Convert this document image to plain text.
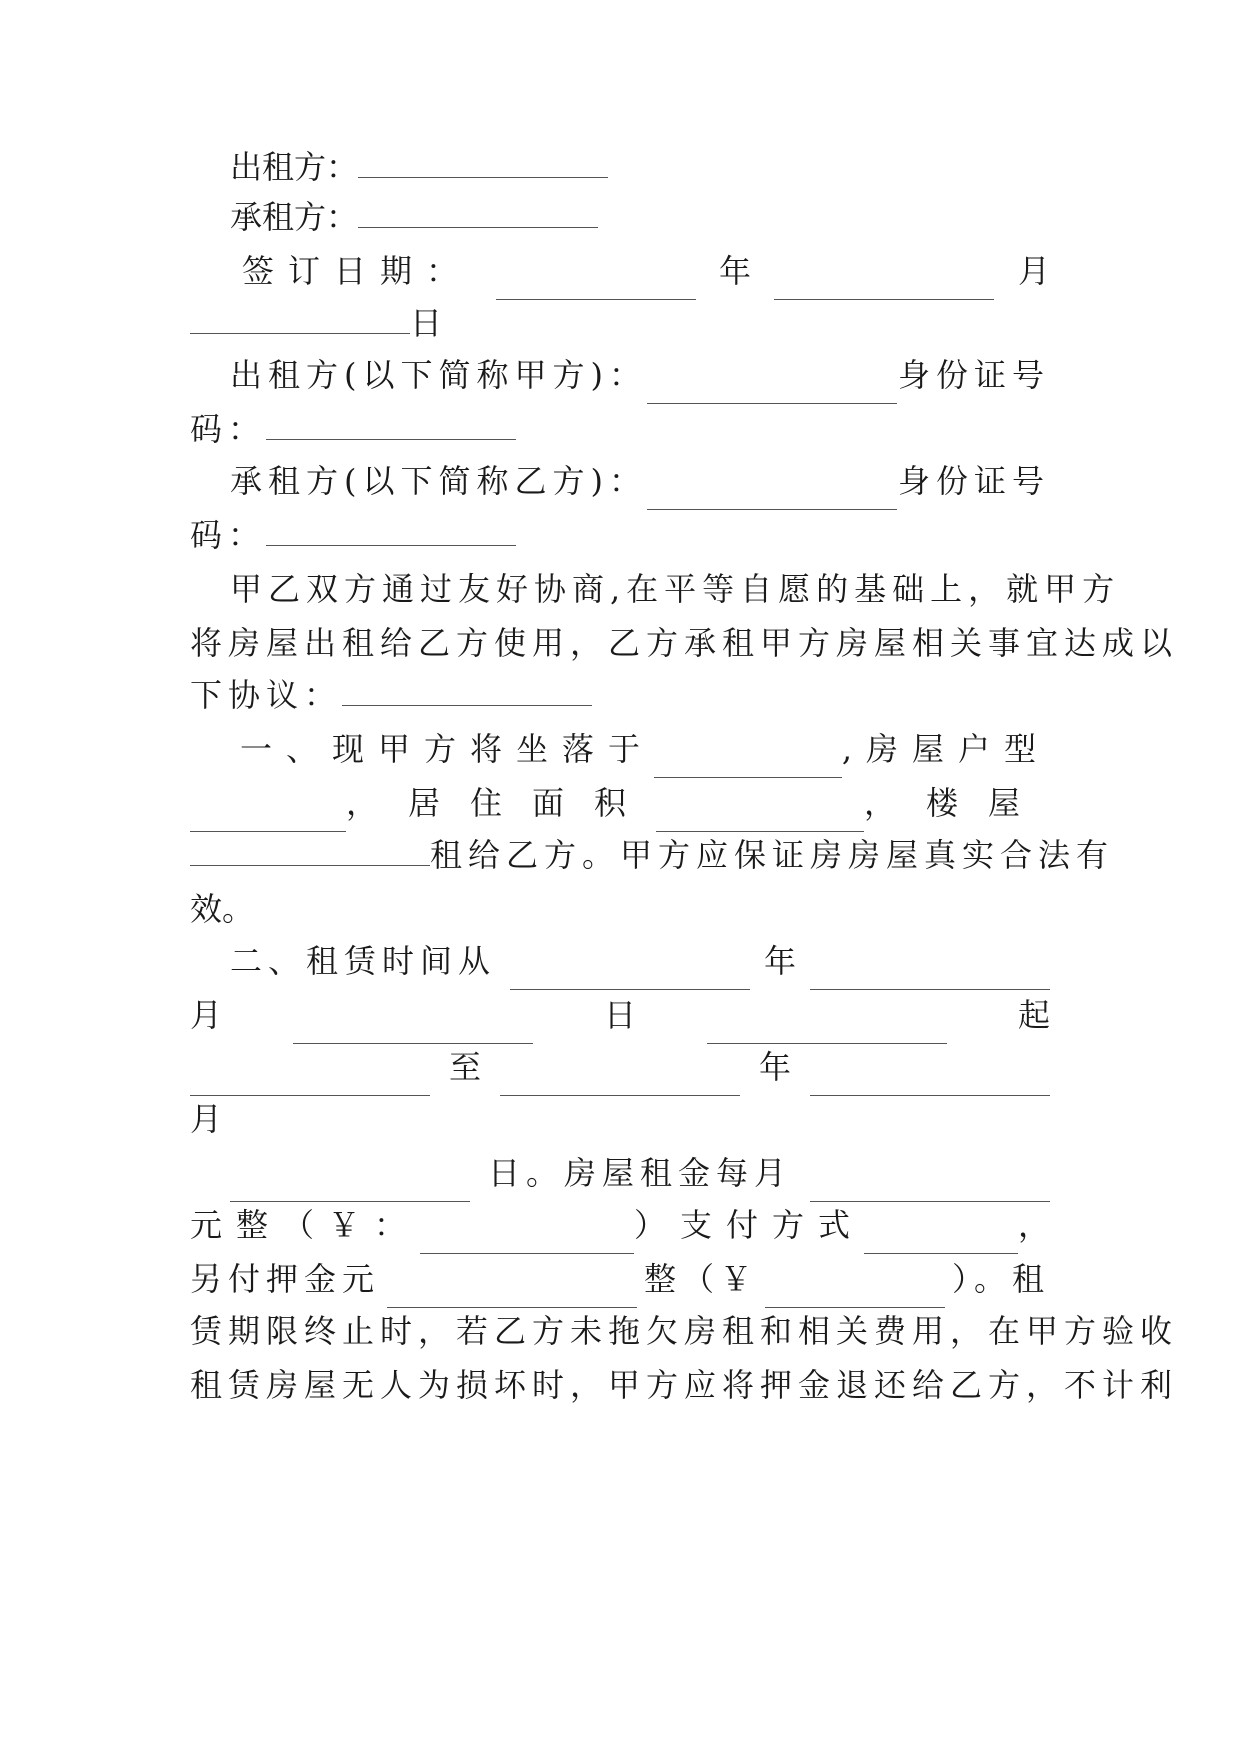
出租方：
承租方：
签订日期：	年	月
日
出租方(以下简称甲方)：	身份证号
码：
承租方(以下简称乙方)：	身份证号
码：
甲乙双方通过友好协商,在平等自愿的基础上，就甲方
将房屋出租给乙方使用，乙方承租甲方房屋相关事宜达成以
下协议：
一、现甲方将坐落于	,房屋户型
，居住面积	，楼屋
租给乙方。甲方应保证房房屋真实合法有
效。
二、租赁时间从	年
月	日	起
至	年
月
日。房屋租金每月
元整（￥：	）支付方式	，
另付押金元	整（￥	）。租
赁期限终止时，若乙方未拖欠房租和相关费用，在甲方验收
租赁房屋无人为损坏时，甲方应将押金退还给乙方，不计利
